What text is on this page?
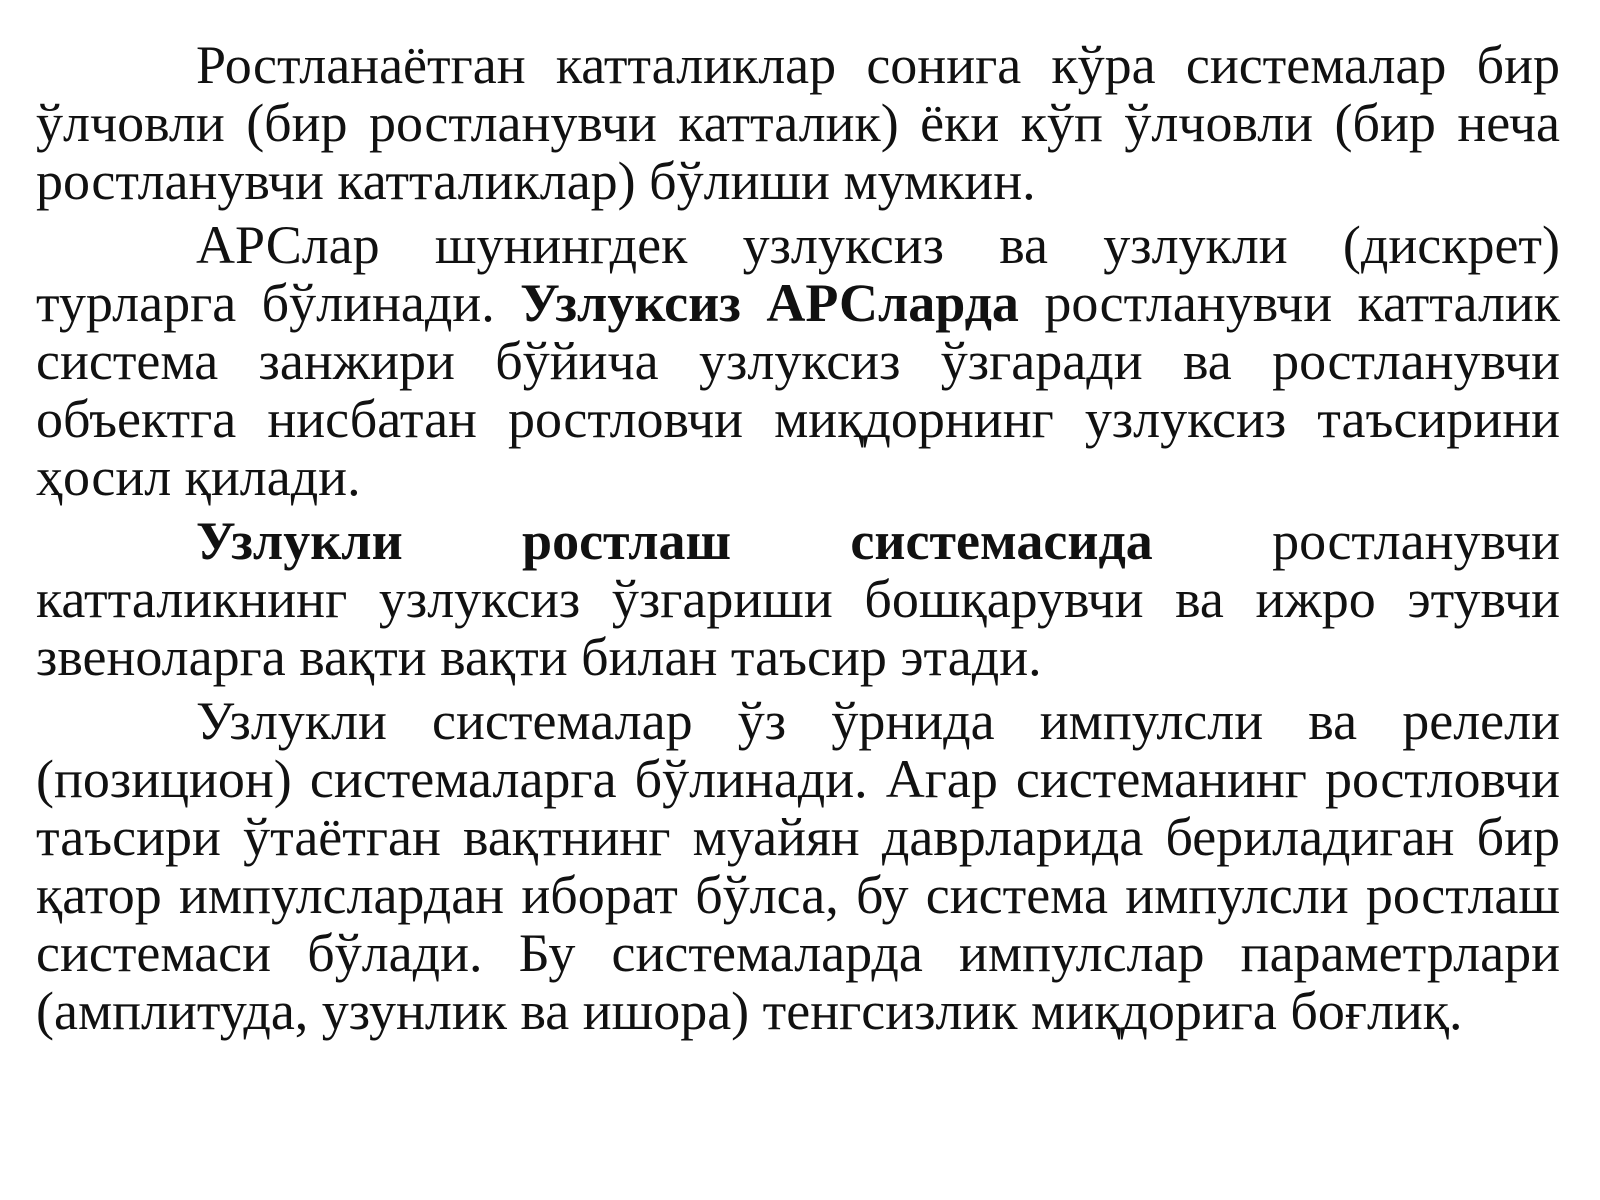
Ростланаётган катталиклар сонига кўра системалар бир ўлчовли (бир ростланувчи катталик) ёки кўп ўлчовли (бир неча ростланувчи катталиклар) бўлиши мумкин.

АРСлар шунингдек узлуксиз ва узлукли (дискрет) турларга бўлинади. Узлуксиз АРСларда ростланувчи катталик система занжири бўйича узлуксиз ўзгаради ва ростланувчи объектга нисбатан ростловчи миқдорнинг узлуксиз таъсирини ҳосил қилади.

Узлукли ростлаш системасида ростланувчи катталикнинг узлуксиз ўзгариши бошқарувчи ва ижро этувчи звеноларга вақти вақти билан таъсир этади.

Узлукли системалар ўз ўрнида импулсли ва релели (позицион) системаларга бўлинади. Агар системанинг ростловчи таъсири ўтаётган вақтнинг муайян даврларида бериладиган бир қатор импулслардан иборат бўлса, бу система импулсли ростлаш системаси бўлади. Бу системаларда импулслар параметрлари (амплитуда, узунлик ва ишора) тенгсизлик миқдорига боғлиқ.
